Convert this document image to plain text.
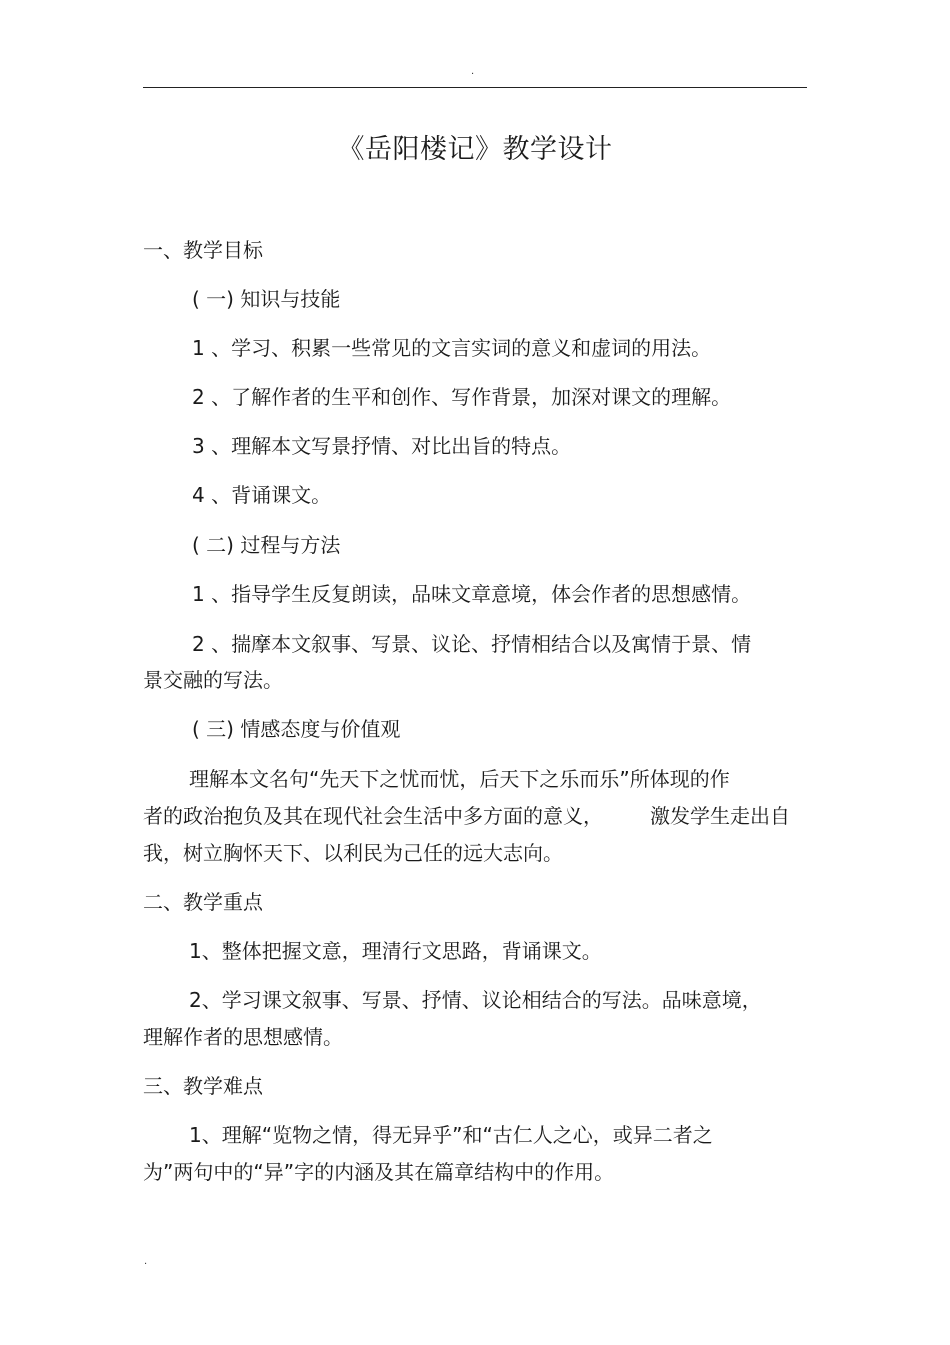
.
《岳阳楼记》教学设计
一、教学目标
( 一) 知识与技能
1 、学习、积累一些常见的文言实词的意义和虚词的用法。
2 、了解作者的生平和创作、写作背景，加深对课文的理解。
3 、理解本文写景抒情、对比出旨的特点。
4 、背诵课文。
( 二) 过程与方法
1 、指导学生反复朗读，品味文章意境，体会作者的思想感情。
2 、揣摩本文叙事、写景、议论、抒情相结合以及寓情于景、情
景交融的写法。
( 三) 情感态度与价值观
理解本文名句“先天下之忧而忧，后天下之乐而乐”所体现的作
者的政治抱负及其在现代社会生活中多方面的意义， 激发学生走出自
我，树立胸怀天下、以利民为己任的远大志向。
二、教学重点
1、整体把握文意，理清行文思路，背诵课文。
2、学习课文叙事、写景、抒情、议论相结合的写法。品味意境，
理解作者的思想感情。
三、教学难点
1、理解“览物之情，得无异乎”和“古仁人之心，或异二者之
为”两句中的“异”字的内涵及其在篇章结构中的作用。
.
